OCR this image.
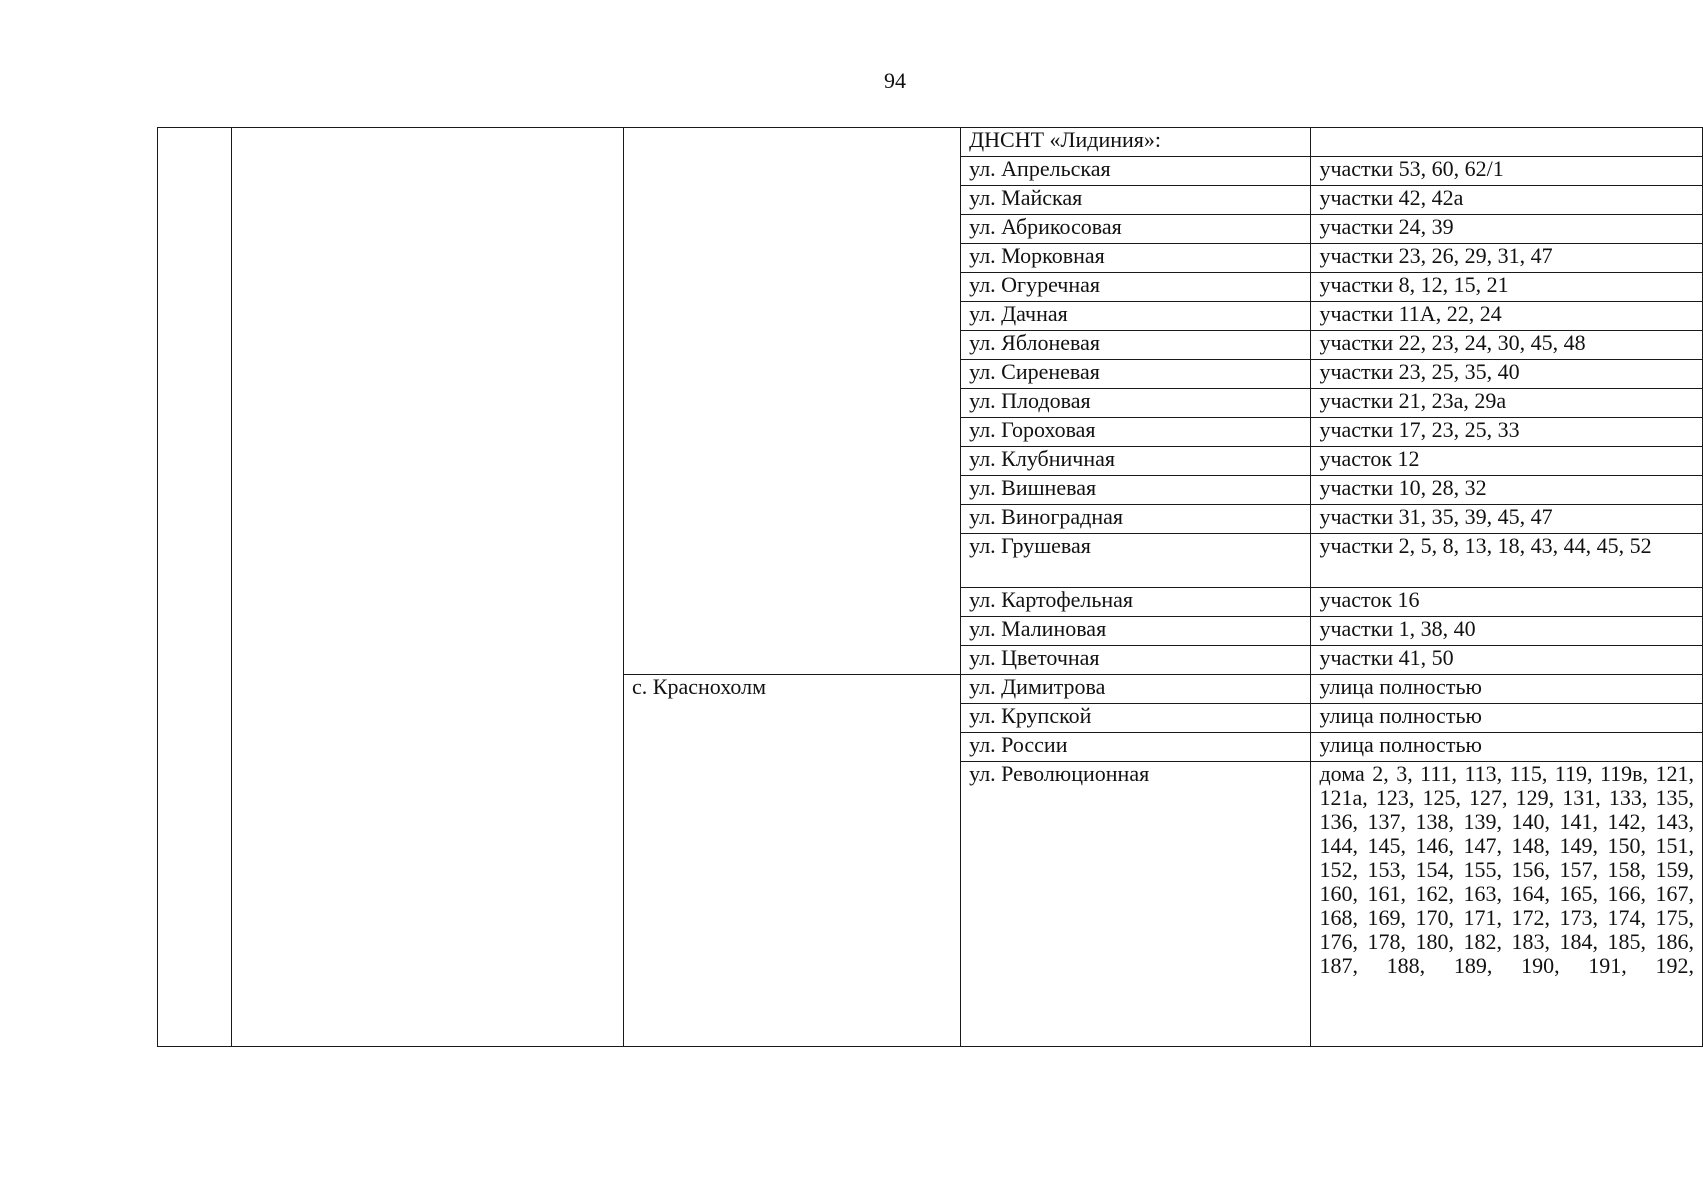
94
			ДНСНТ «Лидиния»:	
			ул. Апрельская	участки 53, 60, 62/1
			ул. Майская	участки 42, 42а
			ул. Абрикосовая	участки 24, 39
			ул. Морковная	участки 23, 26, 29, 31, 47
			ул. Огуречная	участки 8, 12, 15, 21
			ул. Дачная	участки 11А, 22, 24
			ул. Яблоневая	участки 22, 23, 24, 30, 45, 48
			ул. Сиреневая	участки 23, 25, 35, 40
			ул. Плодовая	участки 21, 23а, 29а
			ул. Гороховая	участки 17, 23, 25, 33
			ул. Клубничная	участок 12
			ул. Вишневая	участки 10, 28, 32
			ул. Виноградная	участки 31, 35, 39, 45, 47
			ул. Грушевая	участки 2, 5, 8, 13, 18, 43, 44, 45, 52
			ул. Картофельная	участок 16
			ул. Малиновая	участки 1, 38, 40
			ул. Цветочная	участки 41, 50
		с. Краснохолм	ул. Димитрова	улица полностью
			ул. Крупской	улица полностью
			ул. России	улица полностью
			ул. Революционная	дома 2, 3, 111, 113, 115, 119, 119в, 121, 121а, 123, 125, 127, 129, 131, 133, 135, 136, 137, 138, 139, 140, 141, 142, 143, 144, 145, 146, 147, 148, 149, 150, 151, 152, 153, 154, 155, 156, 157, 158, 159, 160, 161, 162, 163, 164, 165, 166, 167, 168, 169, 170, 171, 172, 173, 174, 175, 176, 178, 180, 182, 183, 184, 185, 186, 187, 188, 189, 190, 191, 192,
